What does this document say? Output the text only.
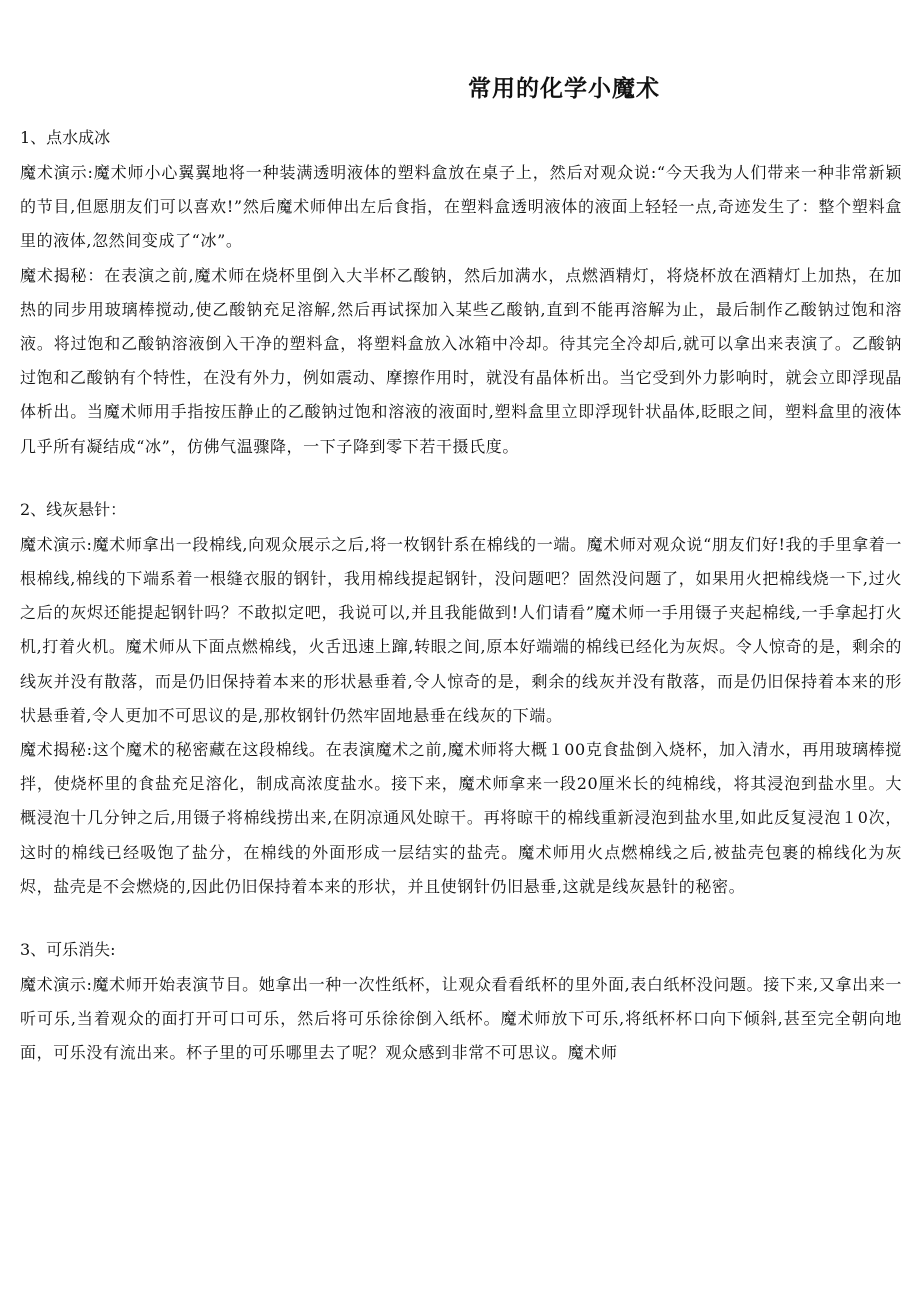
常用的化学小魔术

1、点水成冰

魔术演示:魔术师小心翼翼地将一种装满透明液体的塑料盒放在桌子上，然后对观众说:“今天我为人们带来一种非常新颖的节目,但愿朋友们可以喜欢!”然后魔术师伸出左后食指，在塑料盒透明液体的液面上轻轻一点,奇迹发生了：整个塑料盒里的液体,忽然间变成了“冰”。

魔术揭秘：在表演之前,魔术师在烧杯里倒入大半杯乙酸钠，然后加满水，点燃酒精灯，将烧杯放在酒精灯上加热，在加热的同步用玻璃棒搅动,使乙酸钠充足溶解,然后再试探加入某些乙酸钠,直到不能再溶解为止，最后制作乙酸钠过饱和溶液。将过饱和乙酸钠溶液倒入干净的塑料盒，将塑料盒放入冰箱中冷却。待其完全冷却后,就可以拿出来表演了。乙酸钠过饱和乙酸钠有个特性，在没有外力，例如震动、摩擦作用时，就没有晶体析出。当它受到外力影响时，就会立即浮现晶体析出。当魔术师用手指按压静止的乙酸钠过饱和溶液的液面时,塑料盒里立即浮现针状晶体,眨眼之间，塑料盒里的液体几乎所有凝结成“冰”，仿佛气温骤降，一下子降到零下若干摄氏度。

2、线灰悬针：

魔术演示:魔术师拿出一段棉线,向观众展示之后,将一枚钢针系在棉线的一端。魔术师对观众说“朋友们好!我的手里拿着一根棉线,棉线的下端系着一根缝衣服的钢针，我用棉线提起钢针，没问题吧？固然没问题了，如果用火把棉线烧一下,过火之后的灰烬还能提起钢针吗？不敢拟定吧，我说可以,并且我能做到!人们请看”魔术师一手用镊子夹起棉线,一手拿起打火机,打着火机。魔术师从下面点燃棉线，火舌迅速上蹿,转眼之间,原本好端端的棉线已经化为灰烬。令人惊奇的是，剩余的线灰并没有散落，而是仍旧保持着本来的形状悬垂着,令人惊奇的是，剩余的线灰并没有散落，而是仍旧保持着本来的形状悬垂着,令人更加不可思议的是,那枚钢针仍然牢固地悬垂在线灰的下端。

魔术揭秘:这个魔术的秘密藏在这段棉线。在表演魔术之前,魔术师将大概１00克食盐倒入烧杯，加入清水，再用玻璃棒搅拌，使烧杯里的食盐充足溶化，制成高浓度盐水。接下来，魔术师拿来一段20厘米长的纯棉线，将其浸泡到盐水里。大概浸泡十几分钟之后,用镊子将棉线捞出来,在阴凉通风处晾干。再将晾干的棉线重新浸泡到盐水里,如此反复浸泡１0次，这时的棉线已经吸饱了盐分，在棉线的外面形成一层结实的盐壳。魔术师用火点燃棉线之后,被盐壳包裹的棉线化为灰烬，盐壳是不会燃烧的,因此仍旧保持着本来的形状，并且使钢针仍旧悬垂,这就是线灰悬针的秘密。

3、可乐消失:

魔术演示:魔术师开始表演节目。她拿出一种一次性纸杯，让观众看看纸杯的里外面,表白纸杯没问题。接下来,又拿出来一听可乐,当着观众的面打开可口可乐，然后将可乐徐徐倒入纸杯。魔术师放下可乐,将纸杯杯口向下倾斜,甚至完全朝向地面，可乐没有流出来。杯子里的可乐哪里去了呢？观众感到非常不可思议。魔术师
